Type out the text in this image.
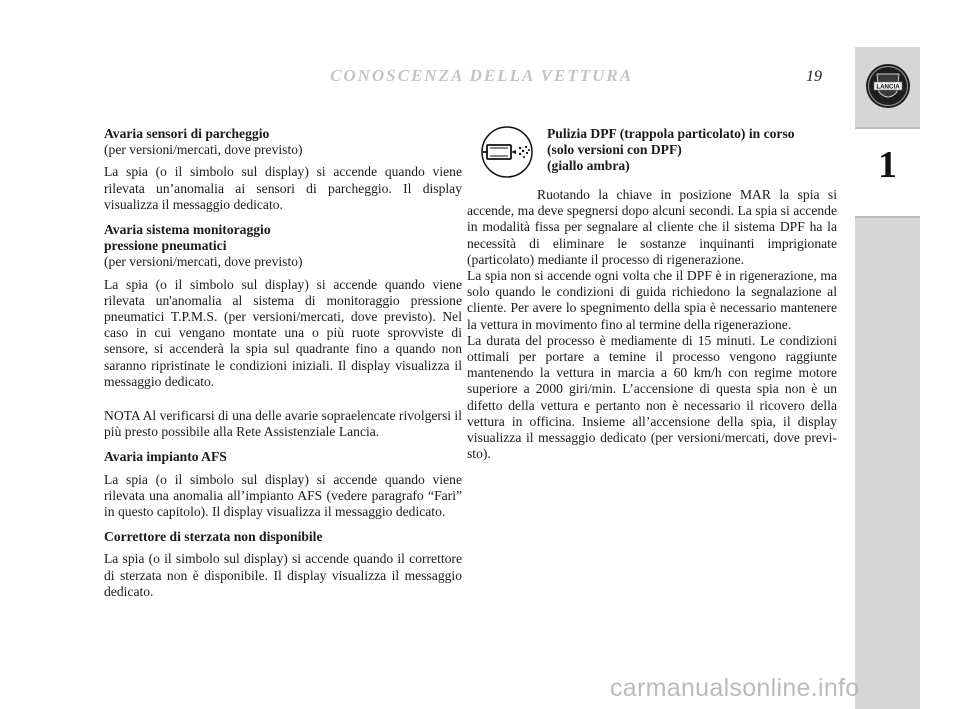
CONOSCENZA DELLA VETTURA	19
1
LANCIA

Avaria sensori di parcheggio

(per versioni/mercati, dove previsto)

La spia (o il simbolo sul display) si accende quando viene rilevata un’anomalia ai sensori di parcheggio. Il display visualizza il messaggio dedicato.

Avaria sistema monitoraggio

pressione pneumatici

(per versioni/mercati, dove previsto)

La spia (o il simbolo sul display) si accende quando viene rilevata un'anomalia al sistema di monitoraggio pressione pneumatici T.P.M.S. (per versioni/mercati, dove previsto). Nel caso in cui vengano montate una o più ruote sprovviste di sensore, si accenderà la spia sul quadrante fino a quando non saranno ripristinate le condizioni iniziali. Il display visualizza il messaggio dedicato.

NOTA Al verificarsi di una delle avarie sopraelencate rivolgersi il più presto possibile alla Rete Assistenziale Lancia.

Avaria impianto AFS

La spia (o il simbolo sul display) si accende quando viene rilevata una anomalia all’impianto AFS (vedere paragrafo “Fari” in questo capitolo). Il display visualizza il messaggio dedicato.

Correttore di sterzata non disponibile

La spia (o il simbolo sul display) si accende quando il correttore di sterzata non è disponibile. Il display visualizza il messaggio dedicato.

Pulizia DPF (trappola particolato) in corso
(solo versioni con DPF)
(giallo ambra)

Ruotando la chiave in posizione MAR la spia si accende, ma deve spegnersi dopo alcuni secondi. La spia si accende in modalità fissa per segnalare al cliente che il sistema DPF ha la necessità di eliminare le sostanze inquinanti imprigionate (particolato) mediante il processo di rigenerazione.

La spia non si accende ogni volta che il DPF è in rigenerazione, ma solo quando le condizioni di guida richiedono la segnalazione al cliente. Per avere lo spegnimento della spia è necessario mantenere la vettura in movimento fino al termine della rigenerazione.

La durata del processo è mediamente di 15 minuti. Le condizioni ottimali per portare a temine il processo vengono raggiunte mantenendo la vettura in marcia a 60 km/h con regime motore superiore a 2000 giri/min. L’accensione di questa spia non è un difetto della vettura e pertanto non è necessario il ricovero della vettura in officina. Insieme all’accensione della spia, il display visualizza il messaggio dedicato (per versioni/mercati, dove previsto).

carmanualsonline.info
